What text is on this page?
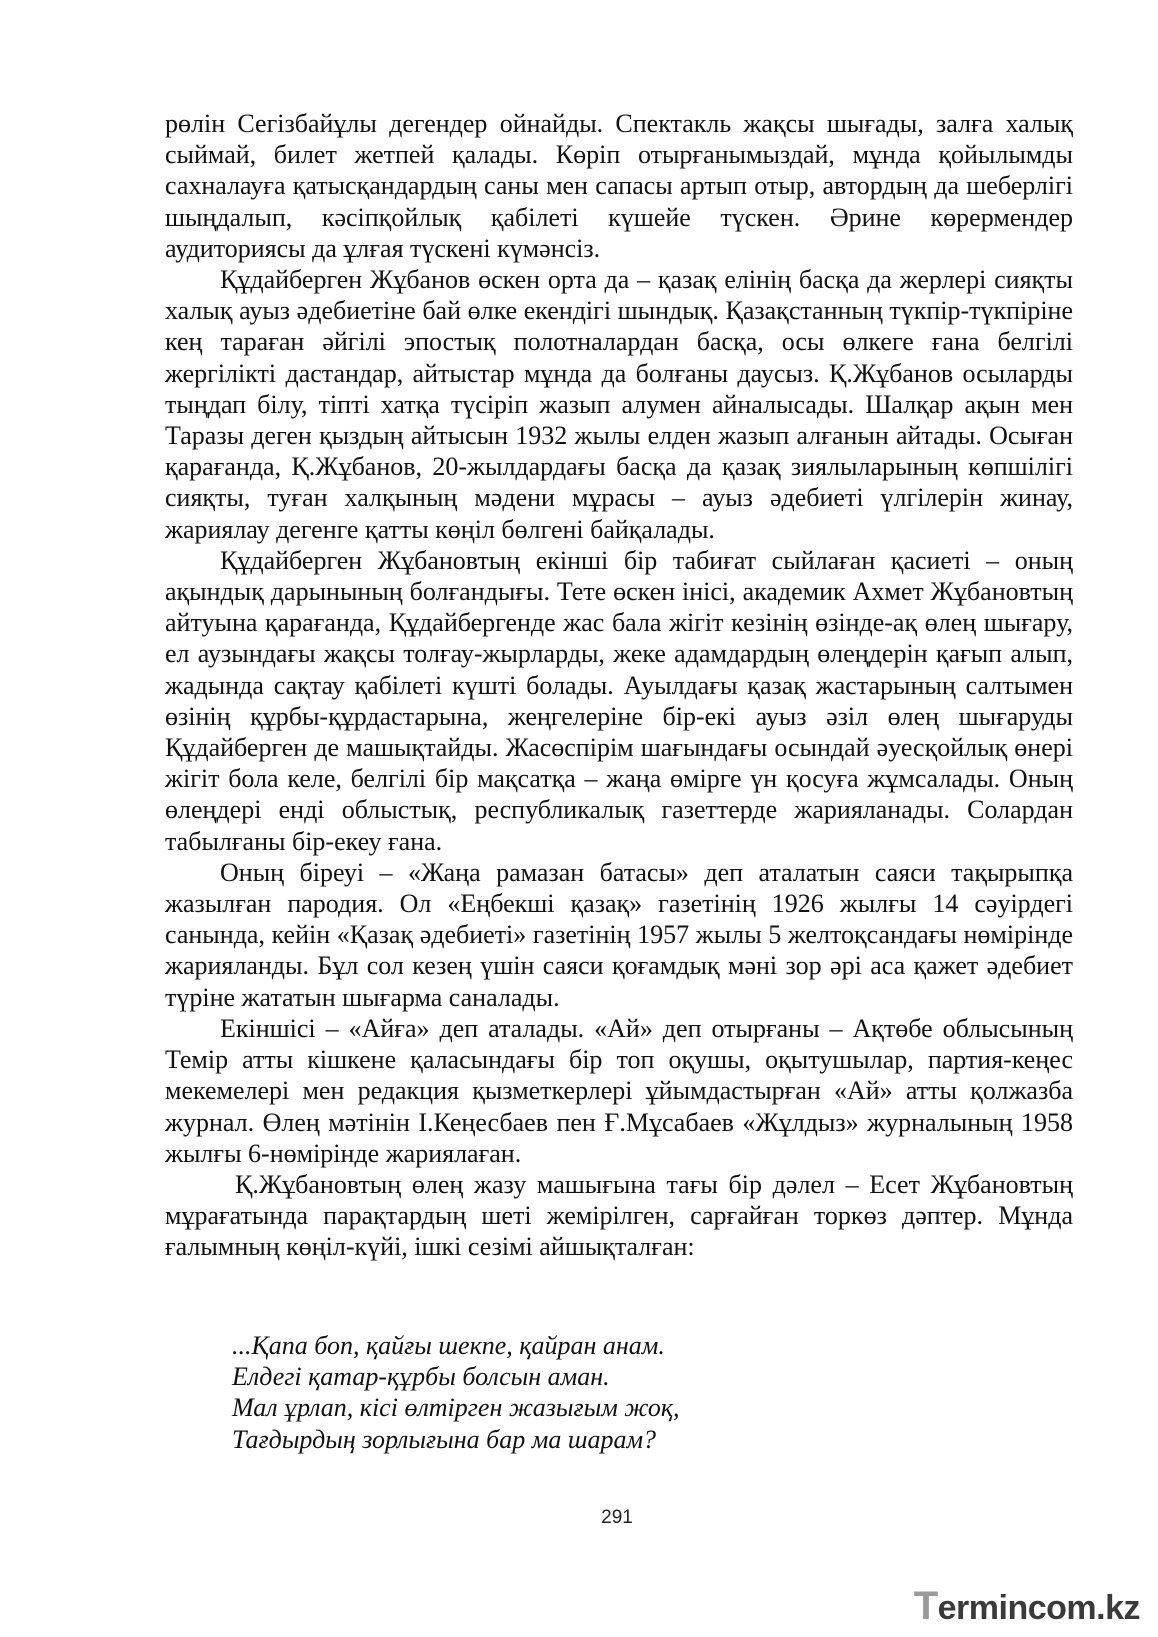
рөлін Сегізбайұлы дегендер ойнайды. Спектакль жақсы шығады, залға халық сыймай, билет жетпей қалады. Көріп отырғанымыздай, мұнда қойылымды сахналауға қатысқандардың саны мен сапасы артып отыр, автордың да шеберлігі шыңдалып, кәсіпқойлық қабілеті күшейе түскен. Әрине көрермендер аудиториясы да ұлғая түскені күмәнсіз.

Құдайберген Жұбанов өскен орта да – қазақ елінің басқа да жерлері сияқты халық ауыз әдебиетіне бай өлке екендігі шындық. Қазақстанның түкпір-түкпіріне кең тараған әйгілі эпостық полотналардан басқа, осы өлкеге ғана белгілі жергілікті дастандар, айтыстар мұнда да болғаны даусыз. Қ.Жұбанов осыларды тыңдап білу, тіпті хатқа түсіріп жазып алумен айналысады. Шалқар ақын мен Таразы деген қыздың айтысын 1932 жылы елден жазып алғанын айтады. Осыған қарағанда, Қ.Жұбанов, 20-жылдардағы басқа да қазақ зиялыларының көпшілігі сияқты, туған халқының мәдени мұрасы – ауыз әдебиеті үлгілерін жинау, жариялау дегенге қатты көңіл бөлгені байқалады.

Құдайберген Жұбановтың екінші бір табиғат сыйлаған қасиеті – оның ақындық дарынының болғандығы. Тете өскен інісі, академик Ахмет Жұбановтың айтуына қарағанда, Құдайбергенде жас бала жігіт кезінің өзінде-ақ өлең шығару, ел аузындағы жақсы толғау-жырларды, жеке адамдардың өлеңдерін қағып алып, жадында сақтау қабілеті күшті болады. Ауылдағы қазақ жастарының салтымен өзінің құрбы-құрдастарына, жеңгелеріне бір-екі ауыз әзіл өлең шығаруды Құдайберген де машықтайды. Жасөспірім шағындағы осындай әуесқойлық өнері жігіт бола келе, белгілі бір мақсатқа – жаңа өмірге үн қосуға жұмсалады. Оның өлеңдері енді облыстық, республикалық газеттерде жарияланады. Солардан табылғаны бір-екеу ғана.

Оның біреуі – «Жаңа рамазан батасы» деп аталатын саяси тақырыпқа жазылған пародия. Ол «Еңбекші қазақ» газетінің 1926 жылғы 14 сәуірдегі санында, кейін «Қазақ әдебиеті» газетінің 1957 жылы 5 желтоқсандағы нөмірінде жарияланды. Бұл сол кезең үшін саяси қоғамдық мәні зор әрі аса қажет әдебиет түріне жататын шығарма саналады.

Екіншісі – «Айға» деп аталады. «Ай» деп отырғаны – Ақтөбе облысының Темір атты кішкене қаласындағы бір топ оқушы, оқытушылар, партия-кеңес мекемелері мен редакция қызметкерлері ұйымдастырған «Ай» атты қолжазба журнал. Өлең мәтінін І.Кеңесбаев пен Ғ.Мұсабаев «Жұлдыз» журналының 1958 жылғы 6-нөмірінде жариялаған.

Қ.Жұбановтың өлең жазу машығына тағы бір дәлел – Есет Жұбановтың мұрағатында парақтардың шеті жемірілген, сарғайған торкөз дәптер. Мұнда ғалымның көңіл-күйі, ішкі сезімі айшықталған:

...Қапа боп, қайғы шекпе, қайран анам.
Елдегі қатар-құрбы болсын аман.
Мал ұрлап, кісі өлтірген жазығым жоқ,
Тағдырдың зорлығына бар ма шарам?
291
Termincom.kz
